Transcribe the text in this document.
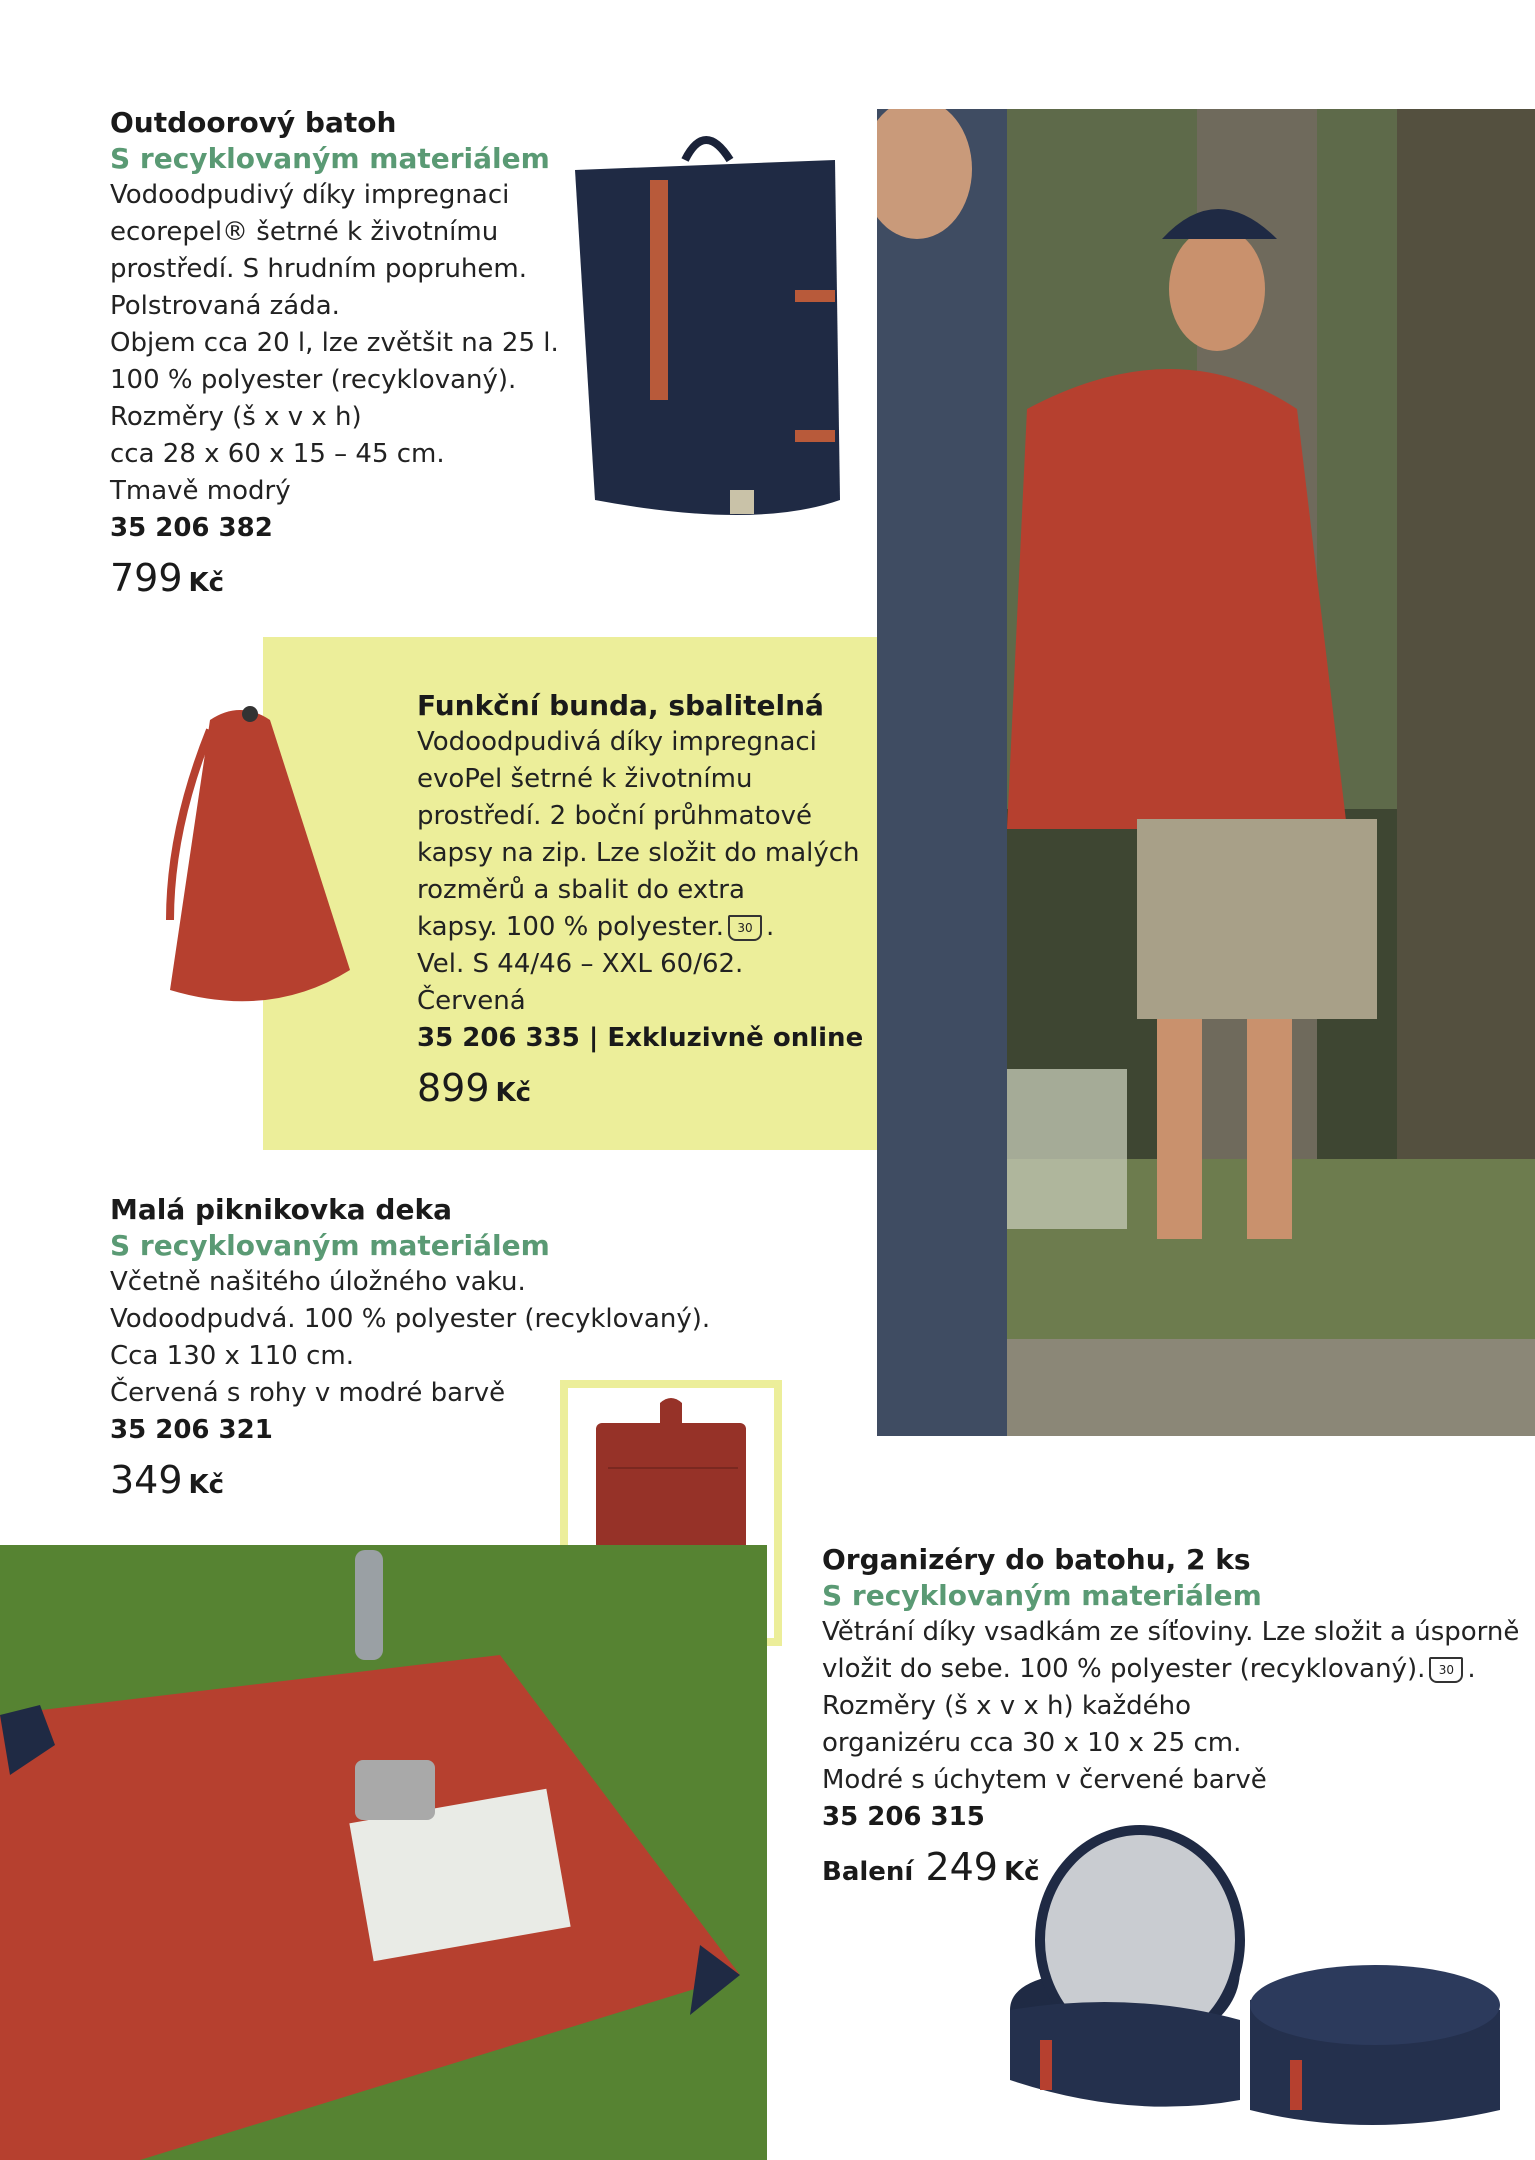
Outdoorový batoh
S recyklovaným materiálem
Vodoodpudivý díky impregnaci
ecorepel® šetrné k životnímu
prostředí. S hrudním popruhem.
Polstrovaná záda.
Objem cca 20 l, lze zvětšit na 25 l.
100 % polyester (recyklovaný).
Rozměry (š x v x h)
cca 28 x 60 x 15 – 45 cm.
Tmavě modrý
35 206 382
799 Kč
Funkční bunda, sbalitelná
Vodoodpudivá díky impregnaci
evoPel šetrné k životnímu
prostředí. 2 boční průhmatové
kapsy na zip. Lze složit do malých
rozměrů a sbalit do extra
kapsy. 100 % polyester. 30 .
Vel. S 44/46 – XXL 60/62.
Červená
35 206 335 | Exkluzivně online
899 Kč
Malá piknikovka deka
S recyklovaným materiálem
Včetně našitého úložného vaku.
Vodoodpudvá. 100 % polyester (recyklovaný).
Cca 130 x 110 cm.
Červená s rohy v modré barvě
35 206 321
349 Kč
Organizéry do batohu, 2 ks
S recyklovaným materiálem
Větrání díky vsadkám ze síťoviny. Lze složit a úsporně
vložit do sebe. 100 % polyester (recyklovaný). 30 .
Rozměry (š x v x h) každého
organizéru cca 30 x 10 x 25 cm.
Modré s úchytem v červené barvě
35 206 315
Balení 249 Kč
